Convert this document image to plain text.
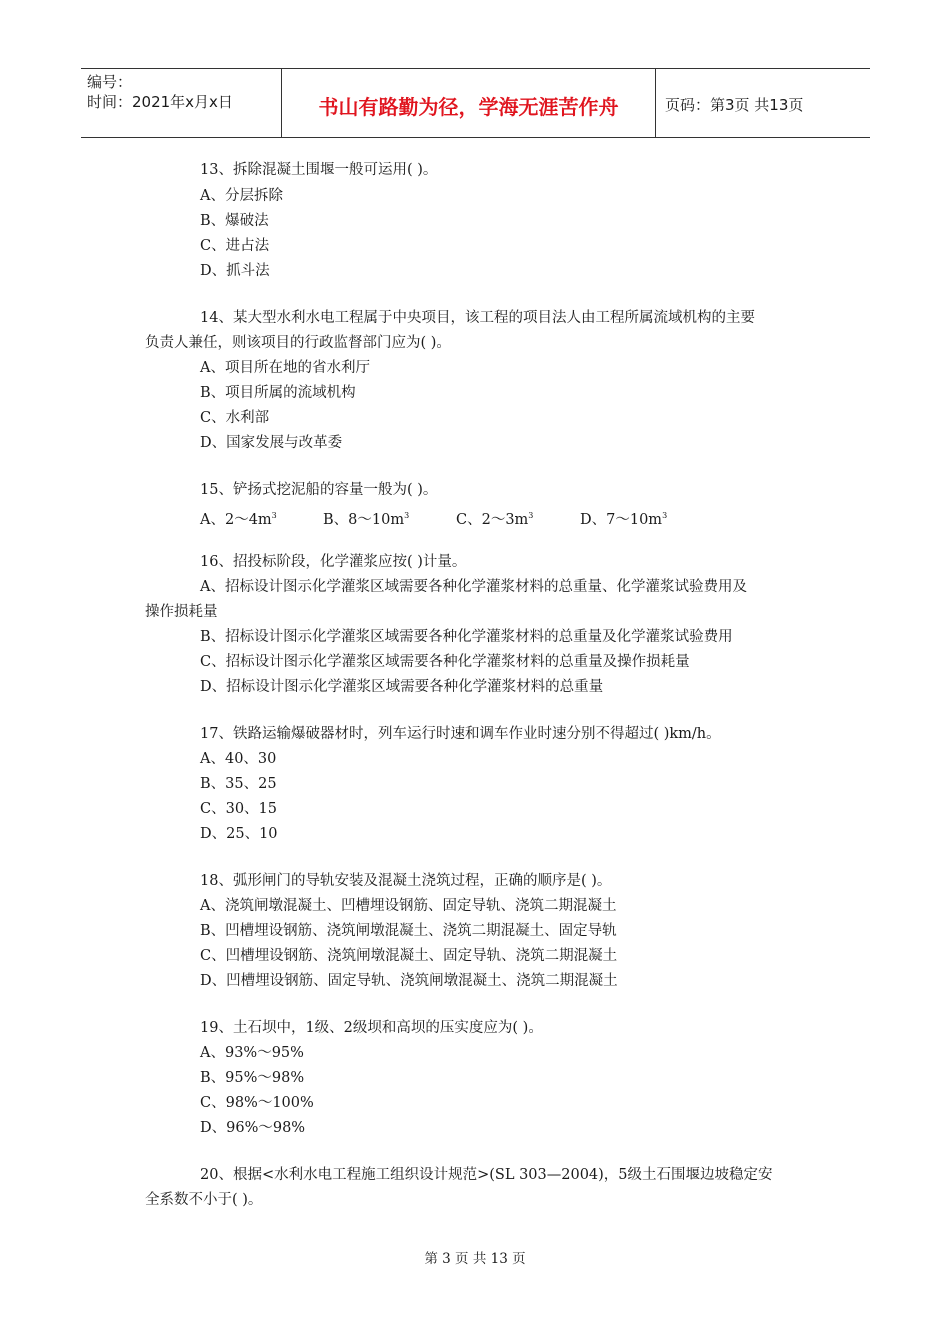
编号：
时间：2021年x月x日	书山有路勤为径，学海无涯苦作舟	页码：第3页 共13页
13、拆除混凝土围堰一般可运用( )。
A、分层拆除
B、爆破法
C、进占法
D、抓斗法
14、某大型水利水电工程属于中央项目，该工程的项目法人由工程所属流域机构的主要
负责人兼任，则该项目的行政监督部门应为( )。
A、项目所在地的省水利厅
B、项目所属的流域机构
C、水利部
D、国家发展与改革委
15、铲扬式挖泥船的容量一般为( )。
A、$2\sim 4m^3$	B、$8\sim 10m^3$	C、$2\sim 3m^3$	D、$7\sim 10m^3$
16、招投标阶段，化学灌浆应按( )计量。
A、招标设计图示化学灌浆区域需要各种化学灌浆材料的总重量、化学灌浆试验费用及
操作损耗量
B、招标设计图示化学灌浆区域需要各种化学灌浆材料的总重量及化学灌浆试验费用
C、招标设计图示化学灌浆区域需要各种化学灌浆材料的总重量及操作损耗量
D、招标设计图示化学灌浆区域需要各种化学灌浆材料的总重量
17、铁路运输爆破器材时，列车运行时速和调车作业时速分别不得超过( )km/h。
A、40、30
B、35、25
C、30、15
D、25、10
18、弧形闸门的导轨安装及混凝土浇筑过程，正确的顺序是( )。
A、浇筑闸墩混凝土、凹槽埋设钢筋、固定导轨、浇筑二期混凝土
B、凹槽埋设钢筋、浇筑闸墩混凝土、浇筑二期混凝土、固定导轨
C、凹槽埋设钢筋、浇筑闸墩混凝土、固定导轨、浇筑二期混凝土
D、凹槽埋设钢筋、固定导轨、浇筑闸墩混凝土、浇筑二期混凝土
19、土石坝中，1级、2级坝和高坝的压实度应为( )。
A、93%～95%
B、95%～98%
C、98%～100%
D、96%～98%
20、根据<水利水电工程施工组织设计规范>(SL 303—2004)，5级土石围堰边坡稳定安
全系数不小于( )。
第 3 页 共 13 页
